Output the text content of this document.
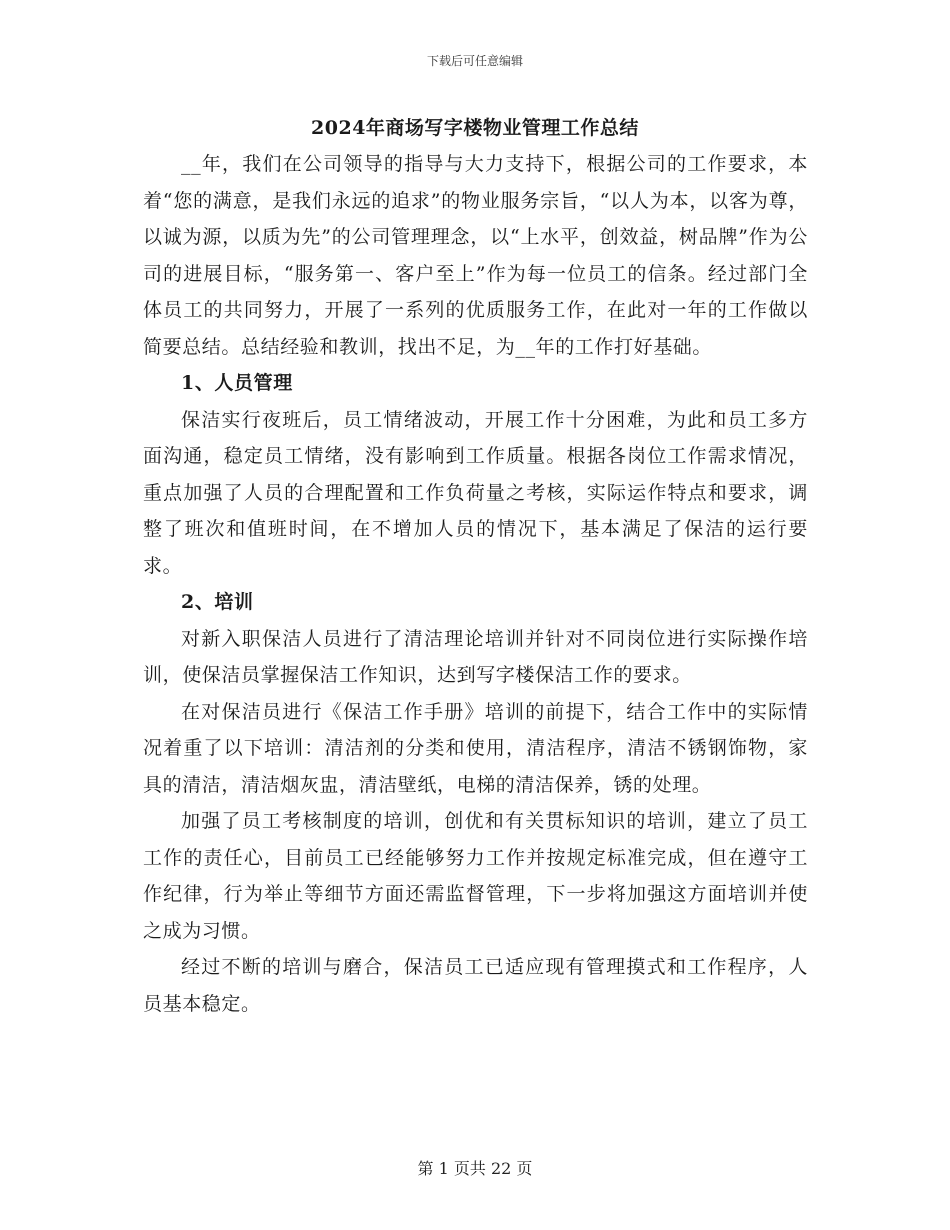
下载后可任意编辑
2024年商场写字楼物业管理工作总结

__年，我们在公司领导的指导与大力支持下，根据公司的工作要求，本着“您的满意，是我们永远的追求”的物业服务宗旨，“以人为本，以客为尊，以诚为源，以质为先”的公司管理理念，以“上水平，创效益，树品牌”作为公司的进展目标，“服务第一、客户至上”作为每一位员工的信条。经过部门全体员工的共同努力，开展了一系列的优质服务工作，在此对一年的工作做以简要总结。总结经验和教训，找出不足，为__年的工作打好基础。

1、人员管理

保洁实行夜班后，员工情绪波动，开展工作十分困难，为此和员工多方面沟通，稳定员工情绪，没有影响到工作质量。根据各岗位工作需求情况，重点加强了人员的合理配置和工作负荷量之考核，实际运作特点和要求，调整了班次和值班时间，在不增加人员的情况下，基本满足了保洁的运行要求。

2、培训

对新入职保洁人员进行了清洁理论培训并针对不同岗位进行实际操作培训，使保洁员掌握保洁工作知识，达到写字楼保洁工作的要求。

在对保洁员进行《保洁工作手册》培训的前提下，结合工作中的实际情况着重了以下培训：清洁剂的分类和使用，清洁程序，清洁不锈钢饰物，家具的清洁，清洁烟灰盅，清洁壁纸，电梯的清洁保养，锈的处理。

加强了员工考核制度的培训，创优和有关贯标知识的培训，建立了员工工作的责任心，目前员工已经能够努力工作并按规定标准完成，但在遵守工作纪律，行为举止等细节方面还需监督管理，下一步将加强这方面培训并使之成为习惯。

经过不断的培训与磨合，保洁员工已适应现有管理摸式和工作程序，人员基本稳定。

第 1 页共 22 页
